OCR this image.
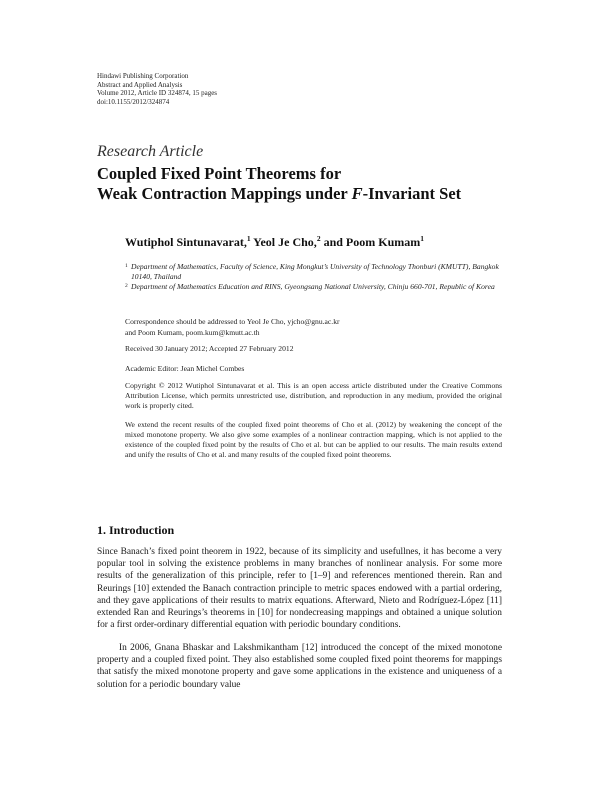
Hindawi Publishing Corporation
Abstract and Applied Analysis
Volume 2012, Article ID 324874, 15 pages
doi:10.1155/2012/324874
Research Article
Coupled Fixed Point Theorems for
Weak Contraction Mappings under F-Invariant Set
Wutiphol Sintunavarat,$^1$ Yeol Je Cho,$^2$ and Poom Kumam$^1$
1 Department of Mathematics, Faculty of Science, King Mongkut’s University of Technology Thonburi (KMUTT), Bangkok 10140, Thailand
2 Department of Mathematics Education and RINS, Gyeongsang National University, Chinju 660-701, Republic of Korea
Correspondence should be addressed to Yeol Je Cho, yjcho@gnu.ac.kr
and Poom Kumam, poom.kum@kmutt.ac.th
Received 30 January 2012; Accepted 27 February 2012
Academic Editor: Jean Michel Combes
Copyright © 2012 Wutiphol Sintunavarat et al. This is an open access article distributed under the Creative Commons Attribution License, which permits unrestricted use, distribution, and reproduction in any medium, provided the original work is properly cited.
We extend the recent results of the coupled fixed point theorems of Cho et al. (2012) by weakening the concept of the mixed monotone property. We also give some examples of a nonlinear contraction mapping, which is not applied to the existence of the coupled fixed point by the results of Cho et al. but can be applied to our results. The main results extend and unify the results of Cho et al. and many results of the coupled fixed point theorems.
1. Introduction
Since Banach’s fixed point theorem in 1922, because of its simplicity and usefullnes, it has become a very popular tool in solving the existence problems in many branches of nonlinear analysis. For some more results of the generalization of this principle, refer to [1–9] and references mentioned therein. Ran and Reurings [10] extended the Banach contraction principle to metric spaces endowed with a partial ordering, and they gave applications of their results to matrix equations. Afterward, Nieto and Rodríguez-López [11] extended Ran and Reurings’s theorems in [10] for nondecreasing mappings and obtained a unique solution for a first order-ordinary differential equation with periodic boundary conditions.
In 2006, Gnana Bhaskar and Lakshmikantham [12] introduced the concept of the mixed monotone property and a coupled fixed point. They also established some coupled fixed point theorems for mappings that satisfy the mixed monotone property and gave some applications in the existence and uniqueness of a solution for a periodic boundary value
